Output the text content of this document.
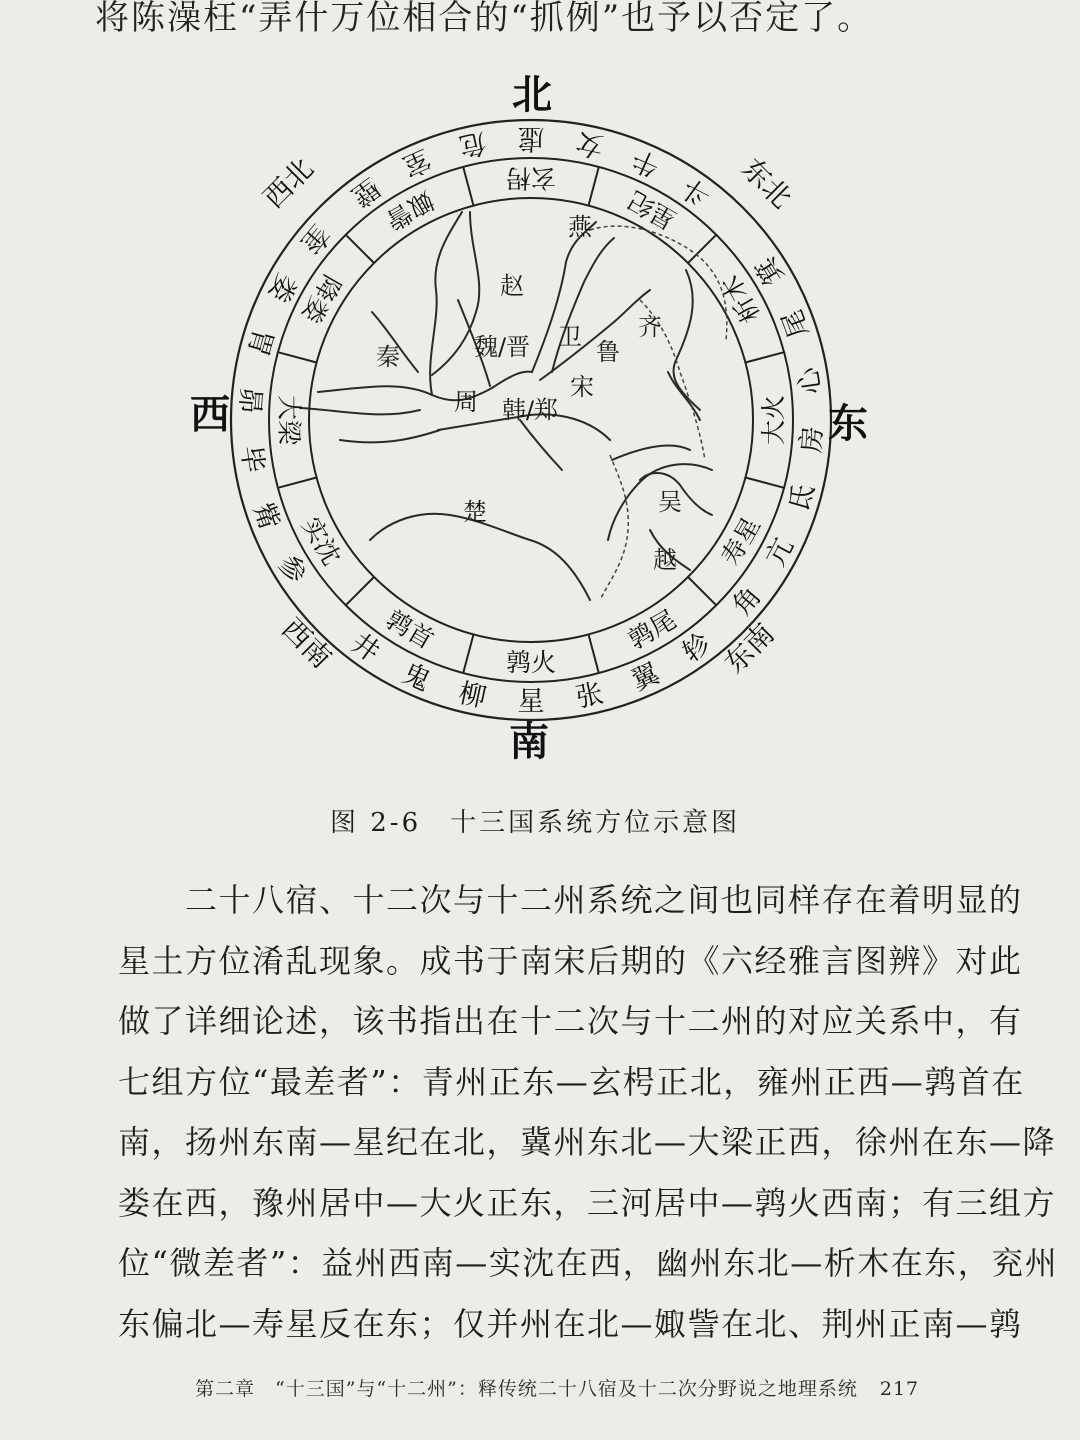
将陈澡枉“弄什万位相合的“抓例”也予以否定了。
燕
赵
魏/晋 卫 齐
鲁
秦
宋
周 韩/郑
楚	吴
越
北
南
东
西
东北
东南
西南
西北
虚 女 牛
斗
箕
尾
心
房
氐
亢
角
轸
翼
张
星
柳
鬼
井
参
觜
毕
昴
胃
娄
奎
壁
室 危
玄枵
星纪
析木
大火
寿星
鹑尾
鹑火
鹑首
实沈
大梁
降娄
娵訾
图 2-6　十三国系统方位示意图
　　二十八宿、十二次与十二州系统之间也同样存在着明显的
星土方位淆乱现象。成书于南宋后期的《六经雅言图辨》对此
做了详细论述，该书指出在十二次与十二州的对应关系中，有
七组方位“最差者”：青州正东—玄枵正北，雍州正西—鹑首在
南，扬州东南—星纪在北，冀州东北—大梁正西，徐州在东—降
娄在西，豫州居中—大火正东，三河居中—鹑火西南；有三组方
位“微差者”：益州西南—实沈在西，幽州东北—析木在东，兖州
东偏北—寿星反在东；仅并州在北—娵訾在北、荆州正南—鹑
第二章　“十三国”与“十二州”：释传统二十八宿及十二次分野说之地理系统 217
